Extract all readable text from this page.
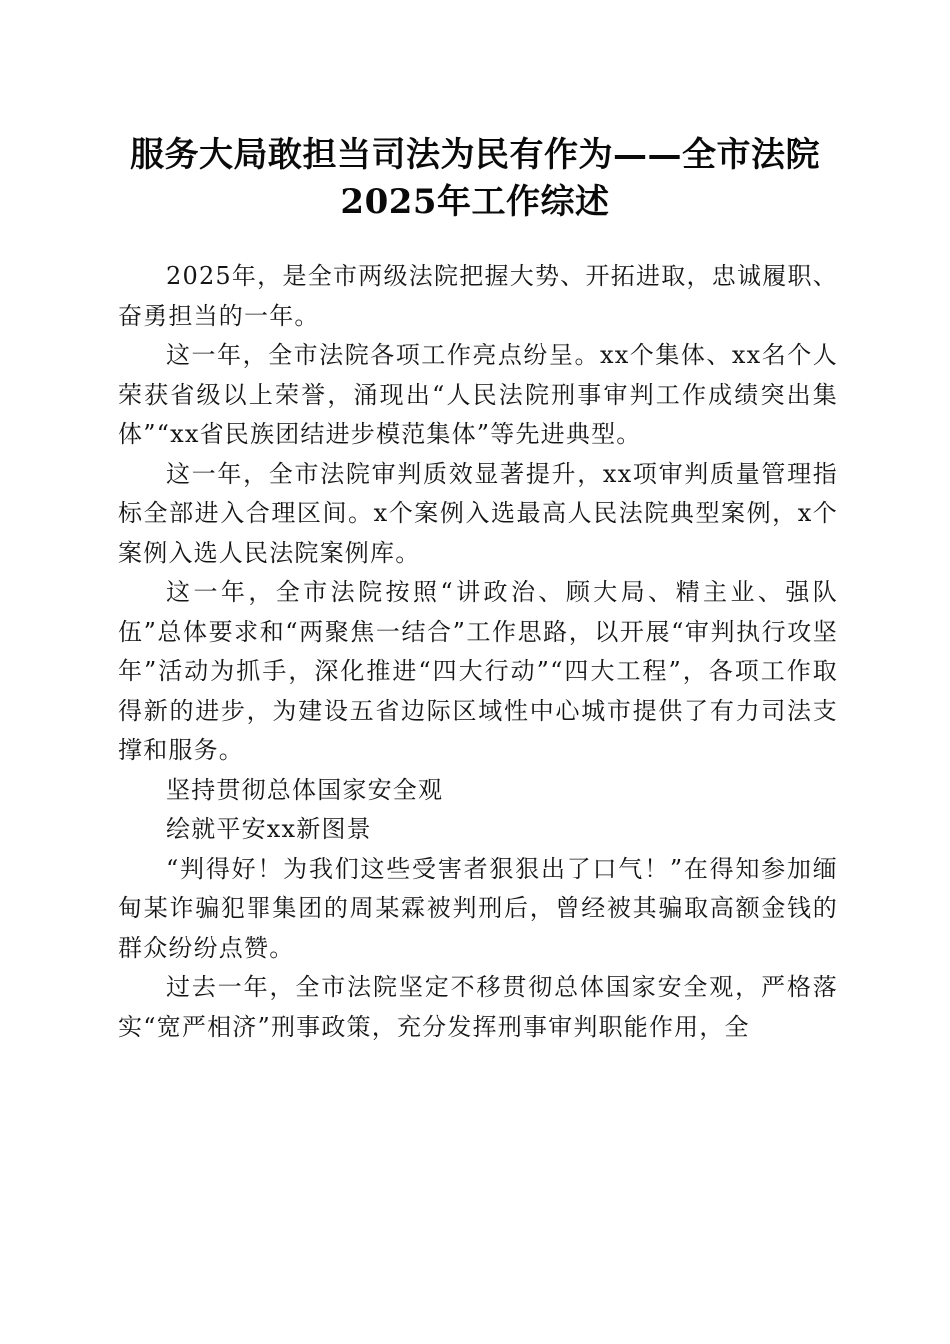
服务大局敢担当司法为民有作为——全市法院
2025年工作综述

2025年，是全市两级法院把握大势、开拓进取，忠诚履职、奋勇担当的一年。

这一年，全市法院各项工作亮点纷呈。xx个集体、xx名个人荣获省级以上荣誉，涌现出“人民法院刑事审判工作成绩突出集体”“xx省民族团结进步模范集体”等先进典型。

这一年，全市法院审判质效显著提升，xx项审判质量管理指标全部进入合理区间。x个案例入选最高人民法院典型案例，x个案例入选人民法院案例库。

这一年，全市法院按照“讲政治、顾大局、精主业、强队伍”总体要求和“两聚焦一结合”工作思路，以开展“审判执行攻坚年”活动为抓手，深化推进“四大行动”“四大工程”，各项工作取得新的进步，为建设五省边际区域性中心城市提供了有力司法支撑和服务。

坚持贯彻总体国家安全观

绘就平安xx新图景

“判得好！为我们这些受害者狠狠出了口气！”在得知参加缅甸某诈骗犯罪集团的周某霖被判刑后，曾经被其骗取高额金钱的群众纷纷点赞。

过去一年，全市法院坚定不移贯彻总体国家安全观，严格落实“宽严相济”刑事政策，充分发挥刑事审判职能作用，全
